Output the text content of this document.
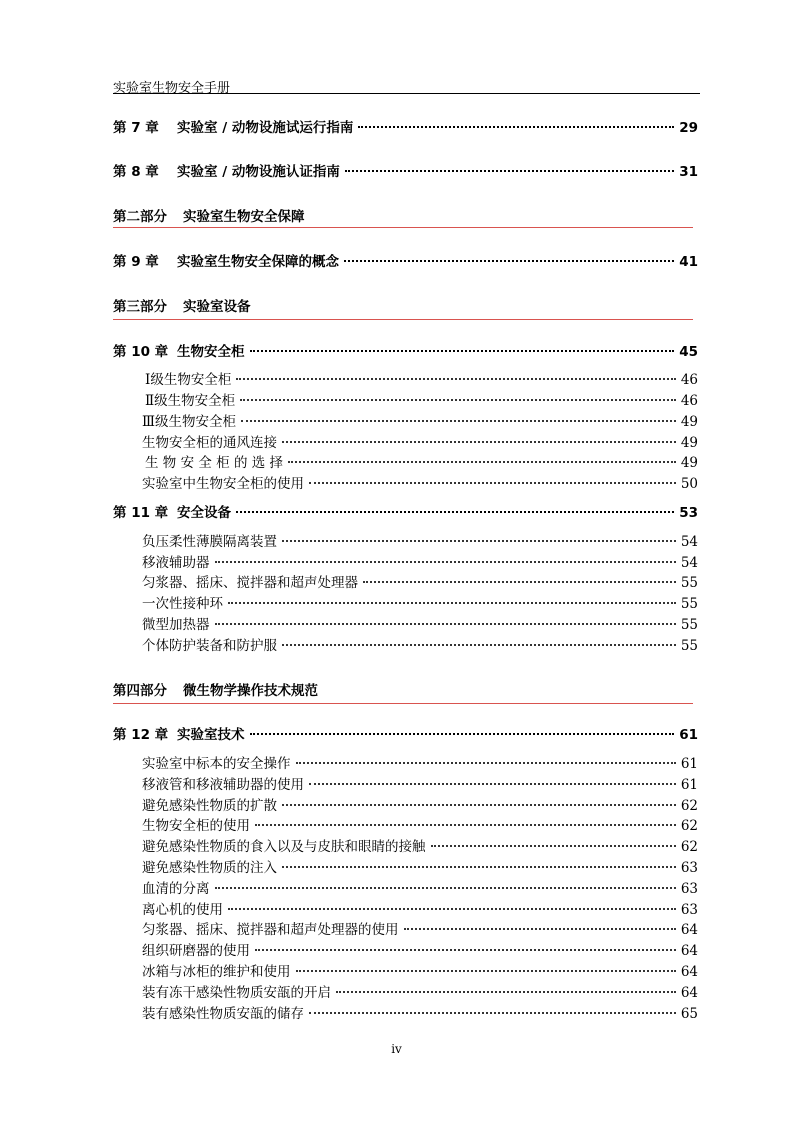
实验室生物安全手册
第 7 章	实验室 / 动物设施试运行指南	29
第 8 章	实验室 / 动物设施认证指南	31
第二部分 实验室生物安全保障
第 9 章	实验室生物安全保障的概念	41
第三部分 实验室设备
第 10 章 生物安全柜	45
Ⅰ级生物安全柜	46
Ⅱ级生物安全柜	46
Ⅲ级生物安全柜	49
生物安全柜的通风连接	49
生 物 安 全 柜 的 选 择	49
实验室中生物安全柜的使用	50
第 11 章 安全设备	53
负压柔性薄膜隔离装置	54
移液辅助器	54
匀浆器、摇床、搅拌器和超声处理器	55
一次性接种环	55
微型加热器	55
个体防护装备和防护服	55
第四部分 微生物学操作技术规范
第 12 章 实验室技术	61
实验室中标本的安全操作	61
移液管和移液辅助器的使用	61
避免感染性物质的扩散	62
生物安全柜的使用	62
避免感染性物质的食入以及与皮肤和眼睛的接触	62
避免感染性物质的注入	63
血清的分离	63
离心机的使用	63
匀浆器、摇床、搅拌器和超声处理器的使用	64
组织研磨器的使用	64
冰箱与冰柜的维护和使用	64
装有冻干感染性物质安瓿的开启	64
装有感染性物质安瓿的储存	65
iv
